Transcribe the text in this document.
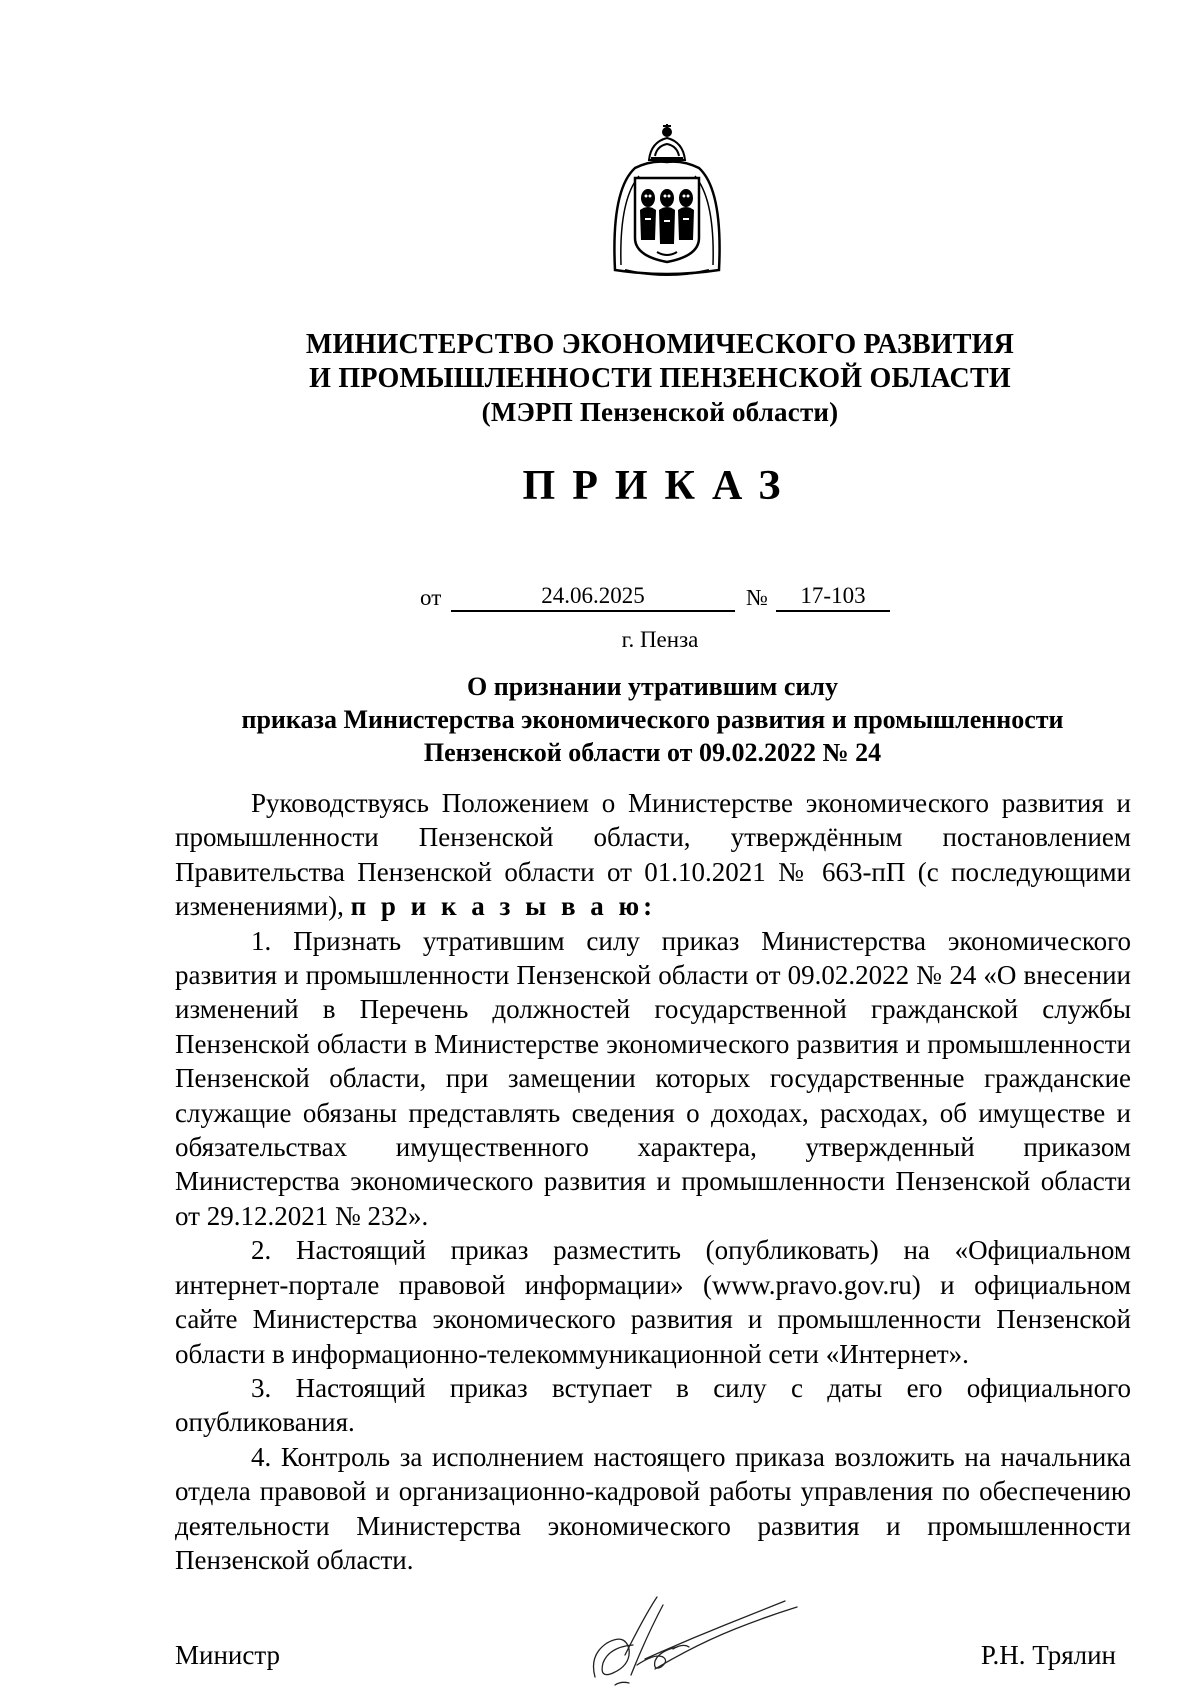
МИНИСТЕРСТВО ЭКОНОМИЧЕСКОГО РАЗВИТИЯ
И ПРОМЫШЛЕННОСТИ ПЕНЗЕНСКОЙ ОБЛАСТИ
(МЭРП Пензенской области)
ПРИКАЗ
от	24.06.2025	№	17-103
г. Пенза
О признании утратившим силу
приказа Министерства экономического развития и промышленности
Пензенской области от 09.02.2022 № 24

Руководствуясь Положением о Министерстве экономического развития и промышленности Пензенской области, утверждённым постановлением Правительства Пензенской области от 01.10.2021 № 663-пП (с последующими изменениями), п р и к а з ы в а ю:

1. Признать утратившим силу приказ Министерства экономического развития и промышленности Пензенской области от 09.02.2022 № 24 «О внесении изменений в Перечень должностей государственной гражданской службы Пензенской области в Министерстве экономического развития и промышленности Пензенской области, при замещении которых государственные гражданские служащие обязаны представлять сведения о доходах, расходах, об имуществе и обязательствах имущественного характера, утвержденный приказом Министерства экономического развития и промышленности Пензенской области от 29.12.2021 № 232».

2. Настоящий приказ разместить (опубликовать) на «Официальном интернет-портале правовой информации» (www.pravo.gov.ru) и официальном сайте Министерства экономического развития и промышленности Пензенской области в информационно-телекоммуникационной сети «Интернет».

3. Настоящий приказ вступает в силу с даты его официального опубликования.

4. Контроль за исполнением настоящего приказа возложить на начальника отдела правовой и организационно-кадровой работы управления по обеспечению деятельности Министерства экономического развития и промышленности Пензенской области.

Министр	Р.Н. Трялин
